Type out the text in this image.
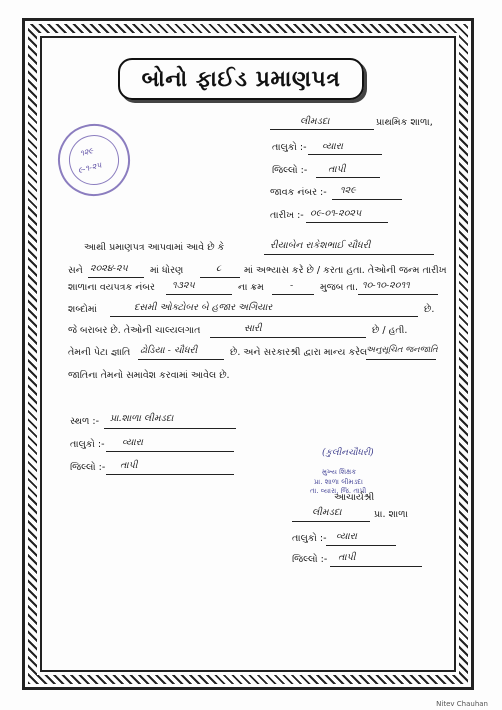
બોનો ફાઈડ પ્રમાણપત્ર
૧૨૯
૯-૧-૨૫
લીમડદા	પ્રાથમિક શાળા,
તાલુકો :- વ્યારા
જિલ્લો :- તાપી
જાવક નંબર :- ૧૨૯
તારીખ :- ૦૯-૦૧-૨૦૨૫
આથી પ્રમાણપત્ર આપવામાં આવે છે કે	રીયાબેન રાકેશભાઈ ચૌધરી
સને ૨૦૨૪-૨૫ માં ધોરણ	૮ માં અભ્યાસ કરે છે / કરતા હતા. તેઓની જન્મ તારીખ
શાળાના વયપત્રક નંબર ૧૩૨૫	ના ક્રમ	-	મુજબ તા. ૧૦-૧૦-૨૦૧૧
શબ્દોમાં	દસમી ઓક્ટોબર બે હજાર અગિયાર	છે.
જે બરાબર છે. તેઓની ચાલ્યલગાત	સારી	છે / હતી.
તેમની પેટા જ્ઞાતિ ઢોડિયા - ચૌધરી	છે. અને સરકારશ્રી દ્વારા માન્ય કરેલ
અનુસૂચિત જનજાતિ
જાતિના તેમનો સમાવેશ કરવામાં આવેલ છે.
સ્થળ :- પ્રા.શાળા લીમડદા
તાલુકો :- વ્યારા
જિલ્લો :- તાપી
(કુલીનચૌધરી)
મુખ્ય શિક્ષક
પ્રા. શાળા લીમડદા
તા. વ્યારા, જિ. તાપી
આચાર્યશ્રી
લીમડદા	પ્રા. શાળા
તાલુકો :- વ્યારા
જિલ્લો :- તાપી
Nitev Chauhan
